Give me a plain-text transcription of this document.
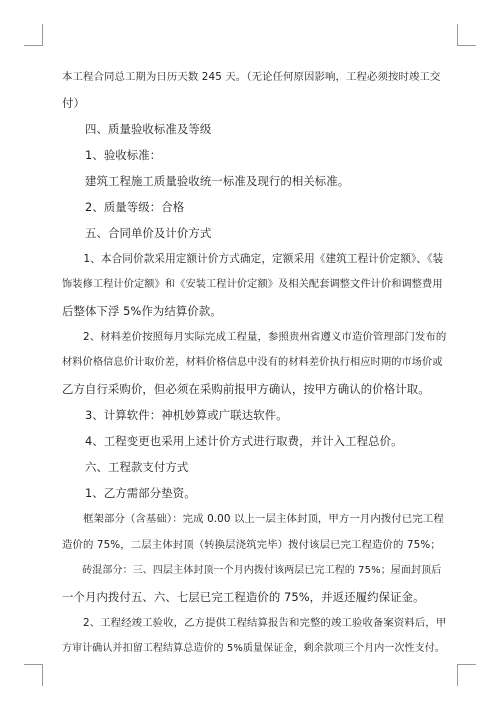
本工程合同总工期为日历天数 245 天。（无论任何原因影响，工程必须按时竣工交
付）
　　四、质量验收标准及等级
　　1、验收标准：
　　建筑工程施工质量验收统一标准及现行的相关标准。
　　2、质量等级：合格
　　五、合同单价及计价方式
　　1、本合同价款采用定额计价方式确定，定额采用《建筑工程计价定额》、《装
饰装修工程计价定额》和《安装工程计价定额》及相关配套调整文件计价和调整费用
后整体下浮 5%作为结算价款。
　　2、材料差价按照每月实际完成工程量，参照贵州省遵义市造价管理部门发布的
材料价格信息价计取价差，材料价格信息中没有的材料差价执行相应时期的市场价或
乙方自行采购价，但必须在采购前报甲方确认，按甲方确认的价格计取。
　　3、计算软件：神机妙算或广联达软件。
　　4、工程变更也采用上述计价方式进行取费，并计入工程总价。
　　六、工程款支付方式
　　1、乙方需部分垫资。
　　框架部分（含基础）：完成 0.00 以上一层主体封顶，甲方一月内拨付已完工程
造价的 75%，二层主体封顶（转换层浇筑完毕）拨付该层已完工程造价的 75%；
　　砖混部分：三、四层主体封顶一个月内拨付该两层已完工程的 75%；屋面封顶后
一个月内拨付五、六、七层已完工程造价的 75%，并返还履约保证金。
　　2、工程经竣工验收，乙方提供工程结算报告和完整的竣工验收备案资料后，甲
方审计确认并扣留工程结算总造价的 5%质量保证金，剩余款项三个月内一次性支付。
